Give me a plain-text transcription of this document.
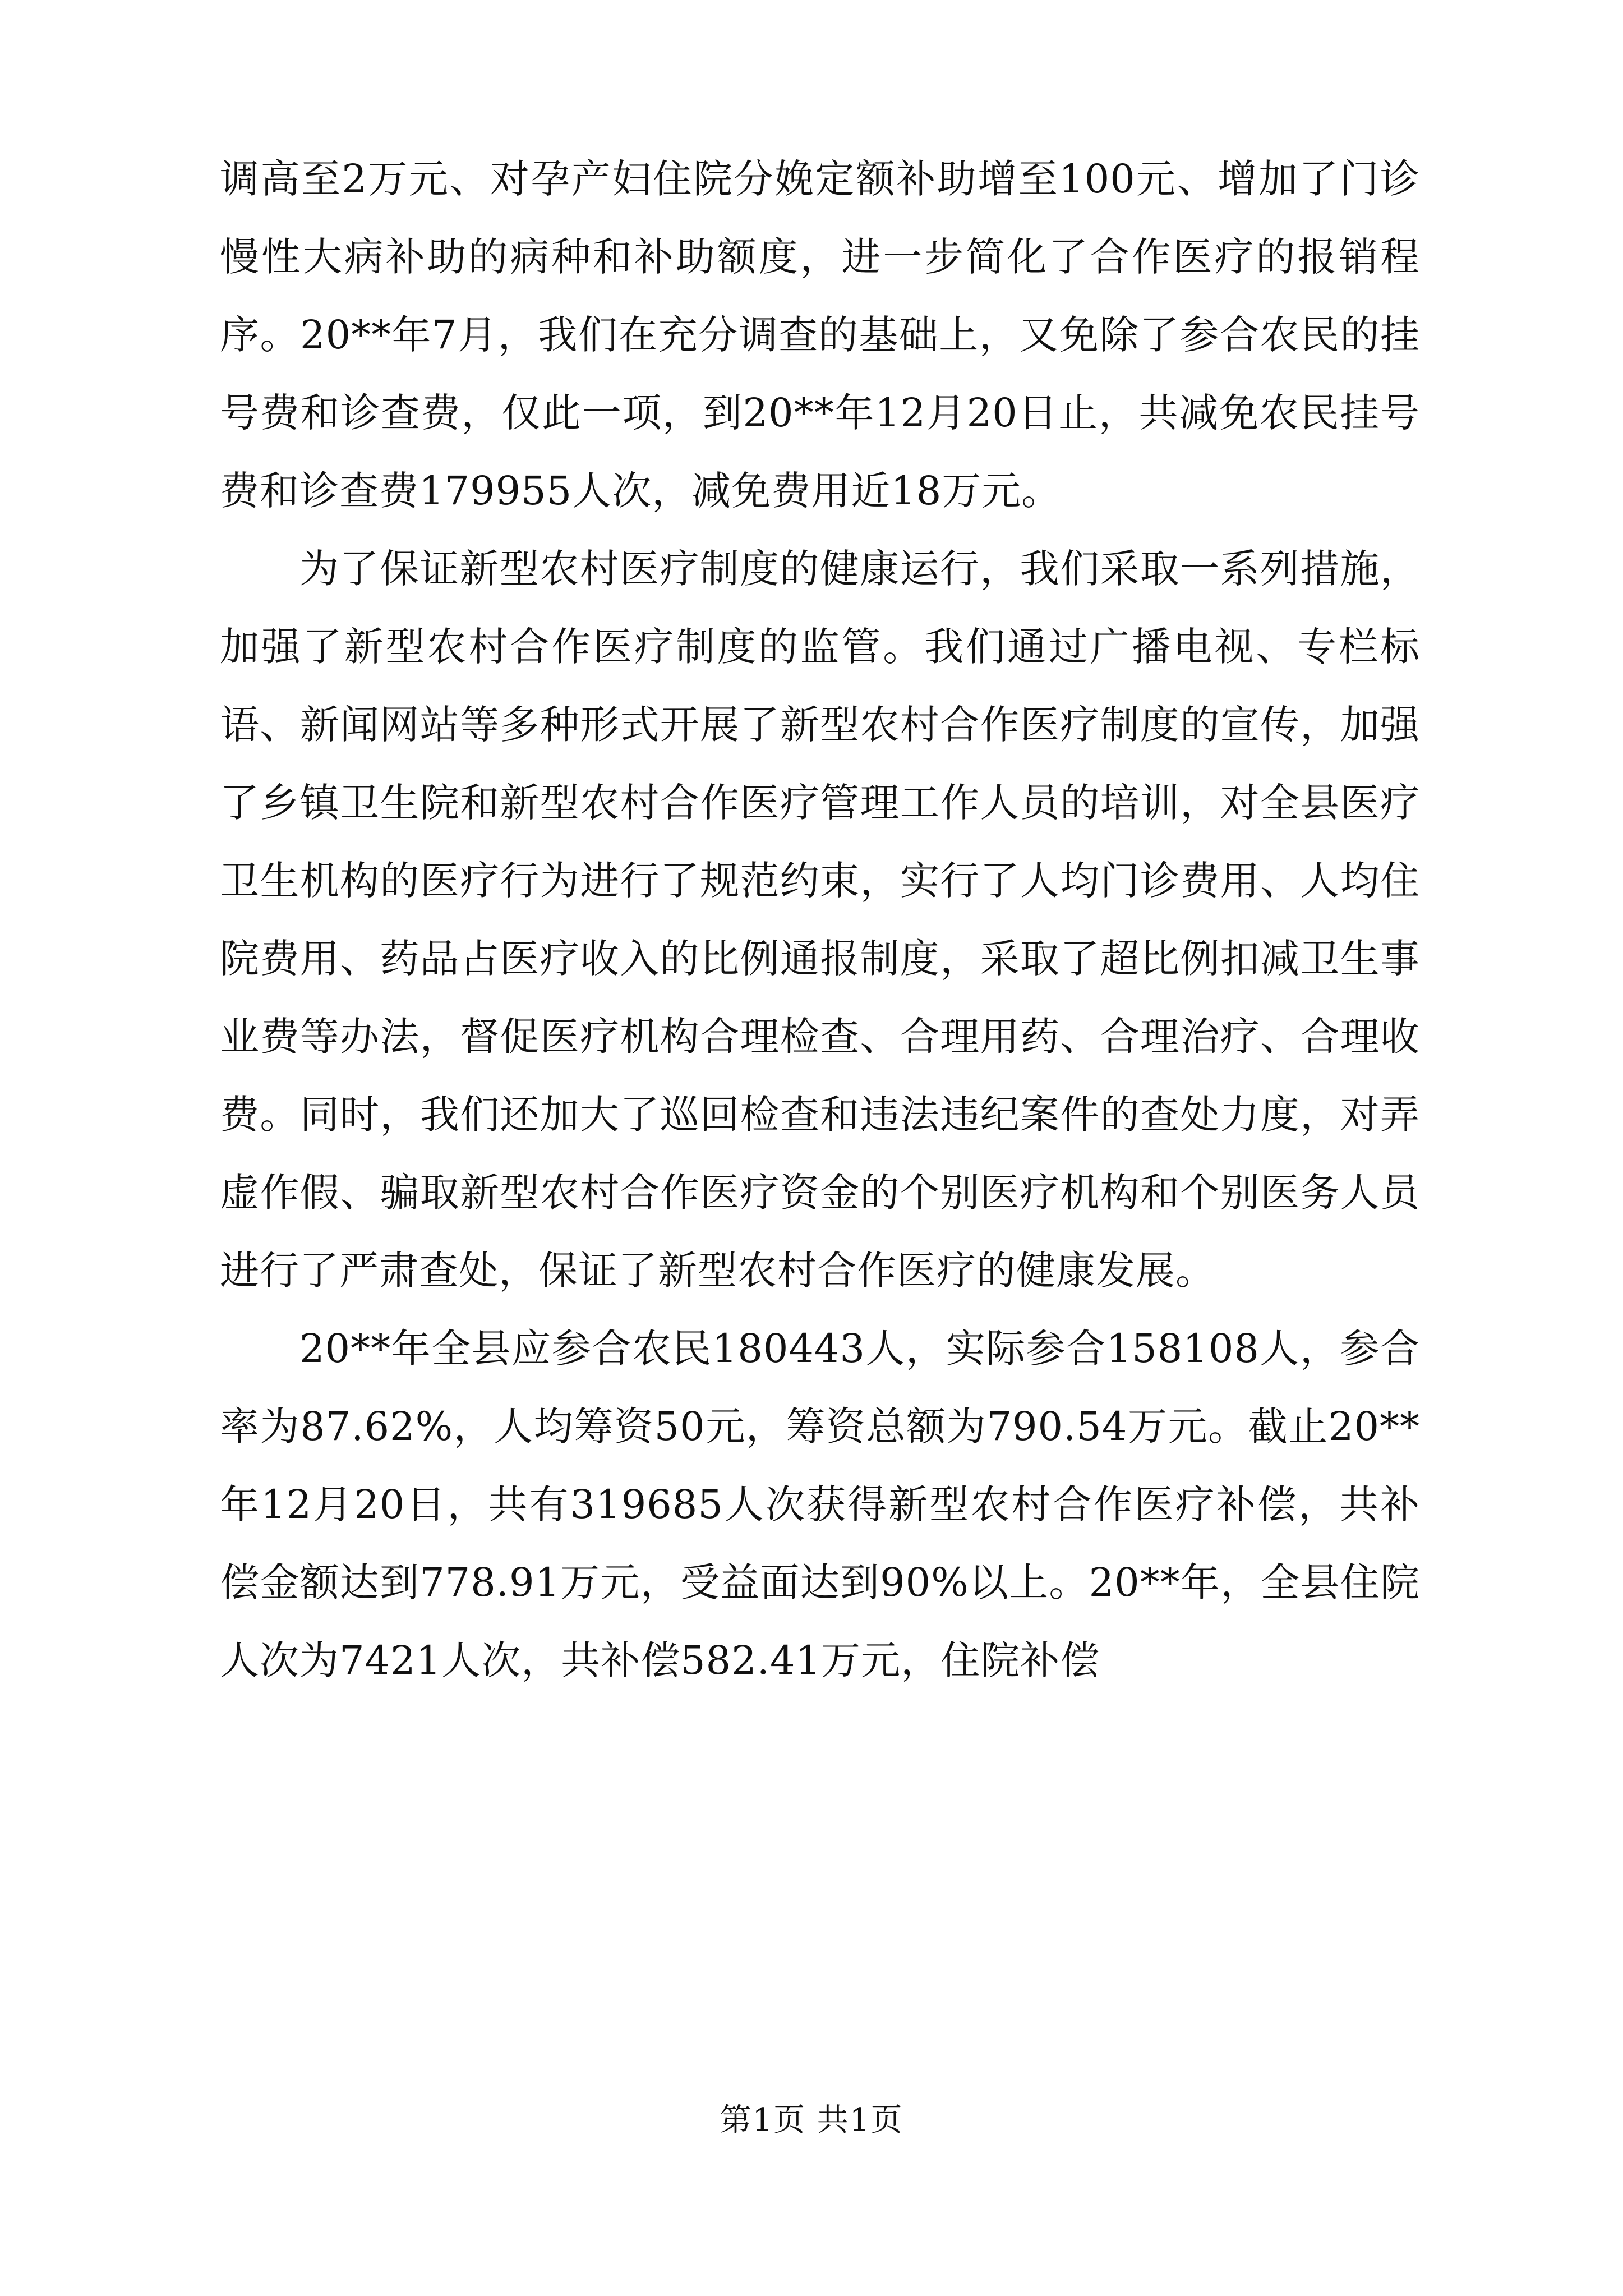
调高至2万元、对孕产妇住院分娩定额补助增至100元、增加了门诊慢性大病补助的病种和补助额度，进一步简化了合作医疗的报销程序。20**年7月，我们在充分调查的基础上，又免除了参合农民的挂号费和诊查费，仅此一项，到20**年12月20日止，共减免农民挂号费和诊查费179955人次，减免费用近18万元。

为了保证新型农村医疗制度的健康运行，我们采取一系列措施，加强了新型农村合作医疗制度的监管。我们通过广播电视、专栏标语、新闻网站等多种形式开展了新型农村合作医疗制度的宣传，加强了乡镇卫生院和新型农村合作医疗管理工作人员的培训，对全县医疗卫生机构的医疗行为进行了规范约束，实行了人均门诊费用、人均住院费用、药品占医疗收入的比例通报制度，采取了超比例扣减卫生事业费等办法，督促医疗机构合理检查、合理用药、合理治疗、合理收费。同时，我们还加大了巡回检查和违法违纪案件的查处力度，对弄虚作假、骗取新型农村合作医疗资金的个别医疗机构和个别医务人员进行了严肃查处，保证了新型农村合作医疗的健康发展。

20**年全县应参合农民180443人，实际参合158108人，参合率为87.62%，人均筹资50元，筹资总额为790.54万元。截止20**年12月20日，共有319685人次获得新型农村合作医疗补偿，共补偿金额达到778.91万元，受益面达到90%以上。20**年，全县住院人次为7421人次，共补偿582.41万元，住院补偿

第1页 共1页
